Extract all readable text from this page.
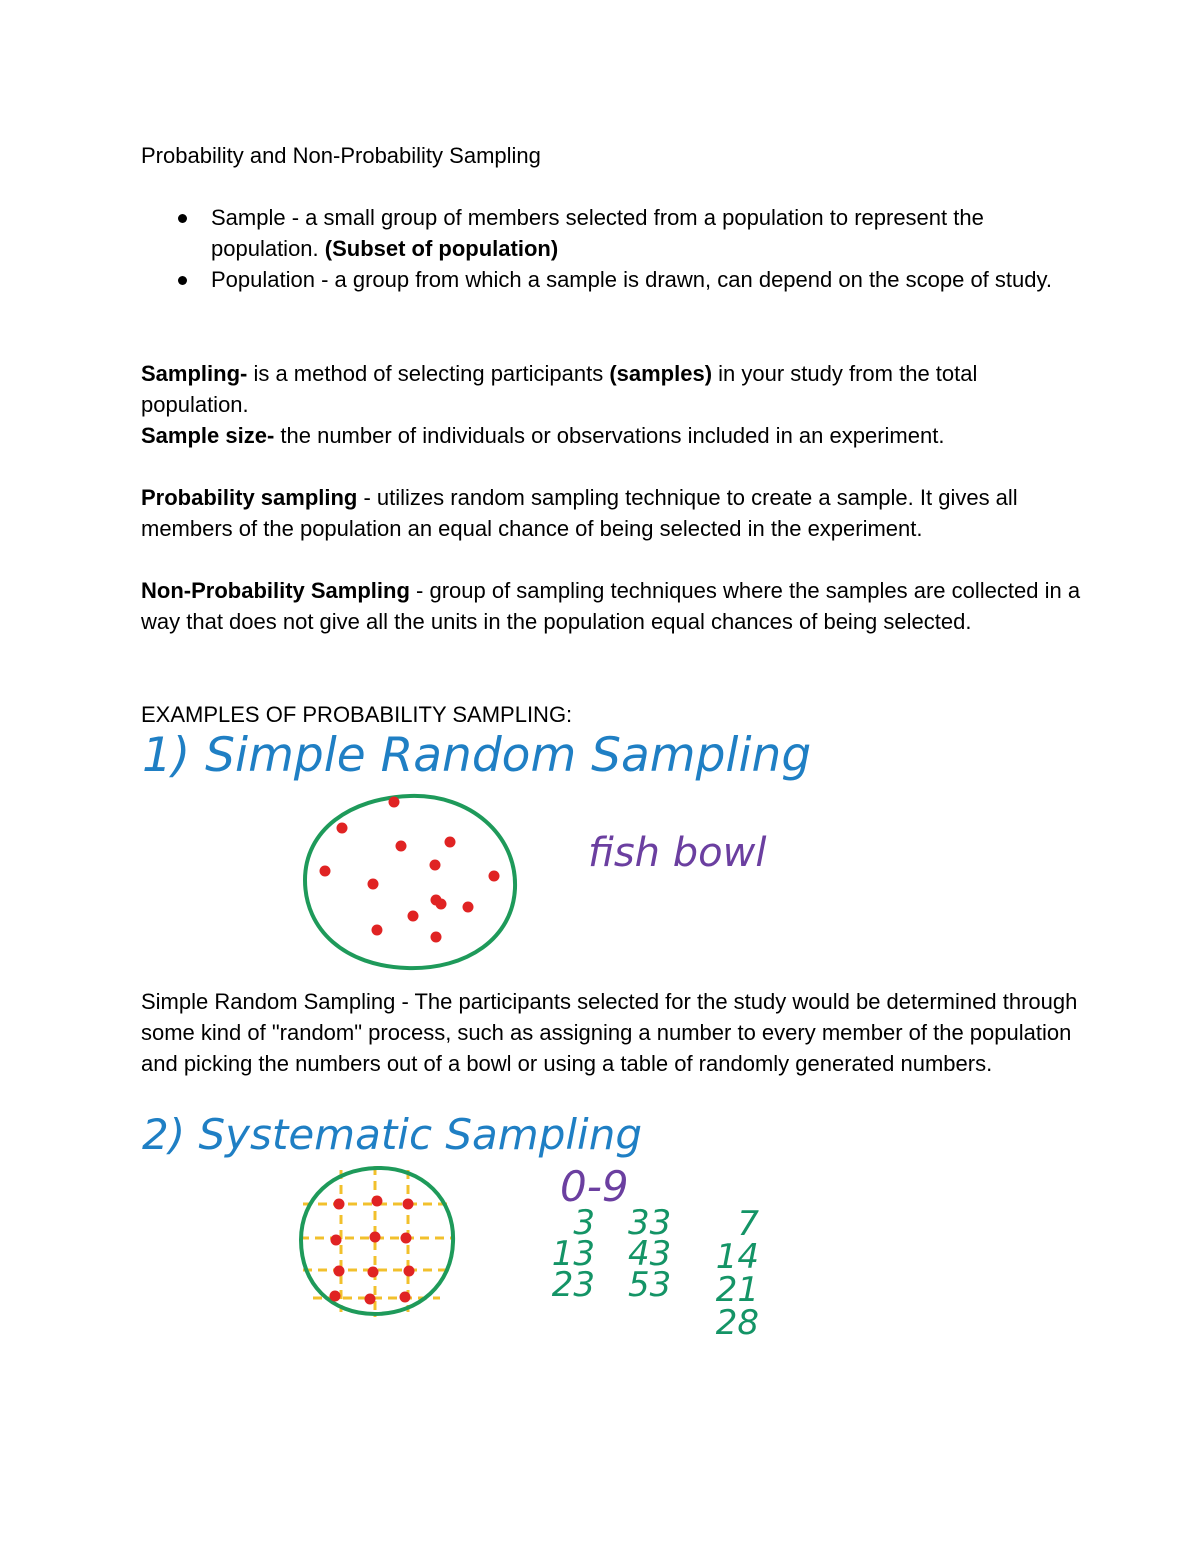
Probability and Non-Probability Sampling
Sample - a small group of members selected from a population to represent the population. (Subset of population)
Population - a group from which a sample is drawn, can depend on the scope of study.
Sampling- is a method of selecting participants (samples) in your study from the total population.
Sample size- the number of individuals or observations included in an experiment.
Probability sampling - utilizes random sampling technique to create a sample. It gives all members of the population an equal chance of being selected in the experiment.
Non-Probability Sampling - group of sampling techniques where the samples are collected in a way that does not give all the units in the population equal chances of being selected.
EXAMPLES OF PROBABILITY SAMPLING:
1) Simple Random Sampling
fish bowl
Simple Random Sampling - The participants selected for the study would be determined through some kind of "random" process, such as assigning a number to every member of the population and picking the numbers out of a bowl or using a table of randomly generated numbers.
2) Systematic Sampling
0-9
3
13
23
33
43
53
7
14
21
28
